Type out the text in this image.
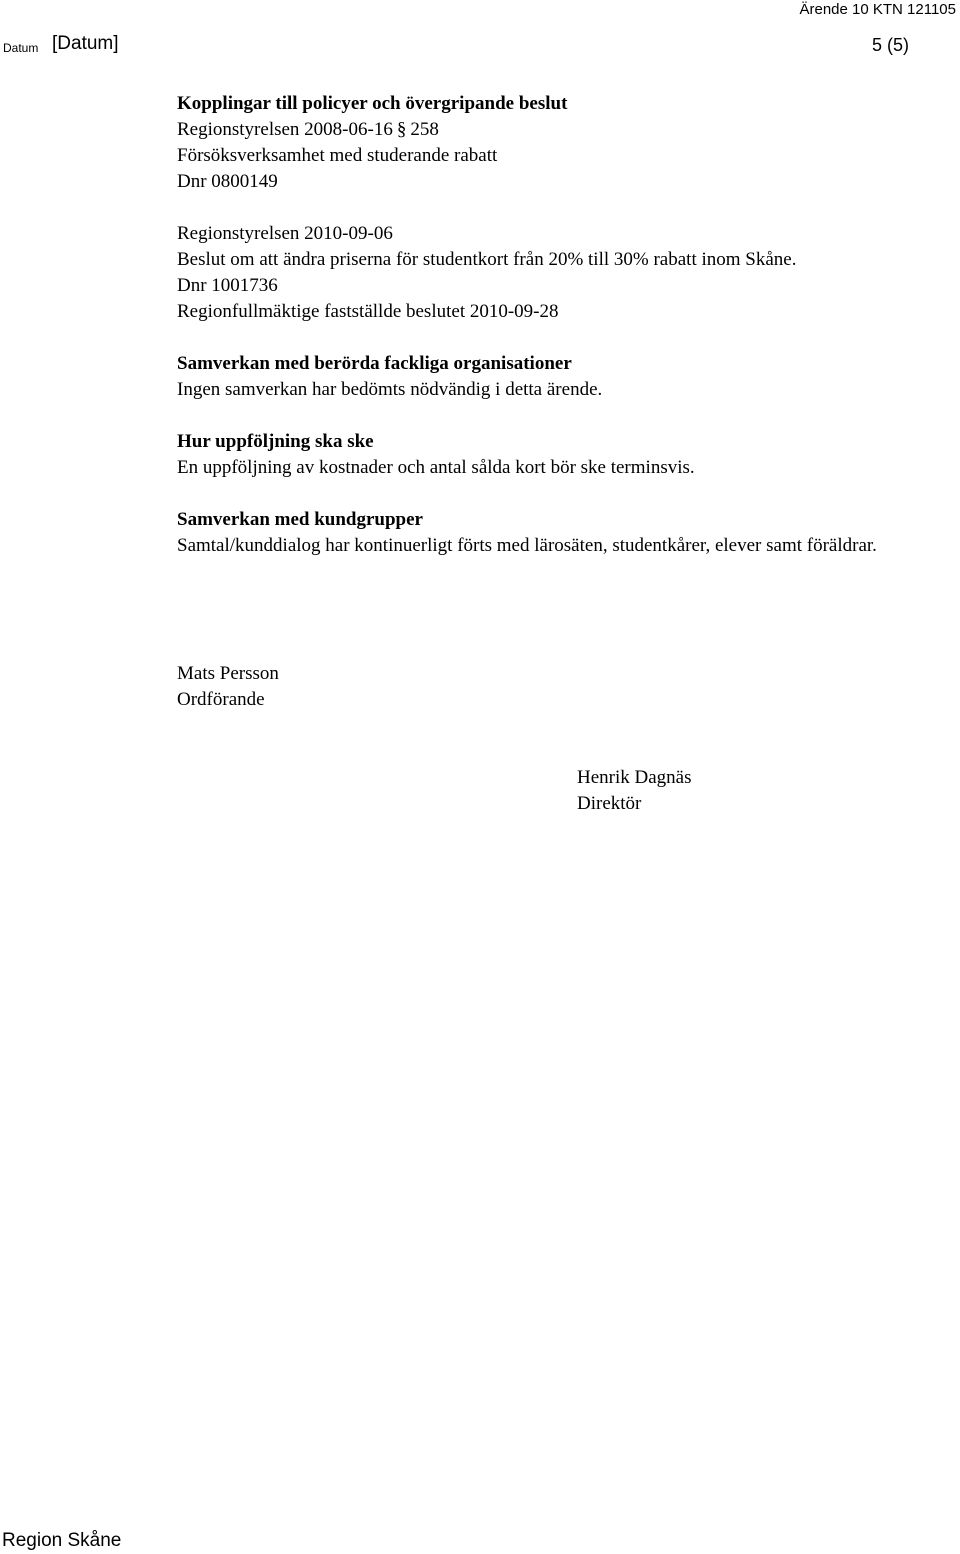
Ärende 10 KTN 121105
Datum [Datum]	5 (5)

Kopplingar till policyer och övergripande beslut

Regionstyrelsen 2008-06-16 § 258

Försöksverksamhet med studerande rabatt

Dnr 0800149

Regionstyrelsen 2010-09-06

Beslut om att ändra priserna för studentkort från 20% till 30% rabatt inom Skåne.

Dnr 1001736

Regionfullmäktige fastställde beslutet 2010-09-28

Samverkan med berörda fackliga organisationer

Ingen samverkan har bedömts nödvändig i detta ärende.

Hur uppföljning ska ske

En uppföljning av kostnader och antal sålda kort bör ske terminsvis.

Samverkan med kundgrupper

Samtal/kunddialog har kontinuerligt förts med lärosäten, studentkårer, elever samt föräldrar.

Mats Persson

Ordförande

Henrik Dagnäs

Direktör

Region Skåne
